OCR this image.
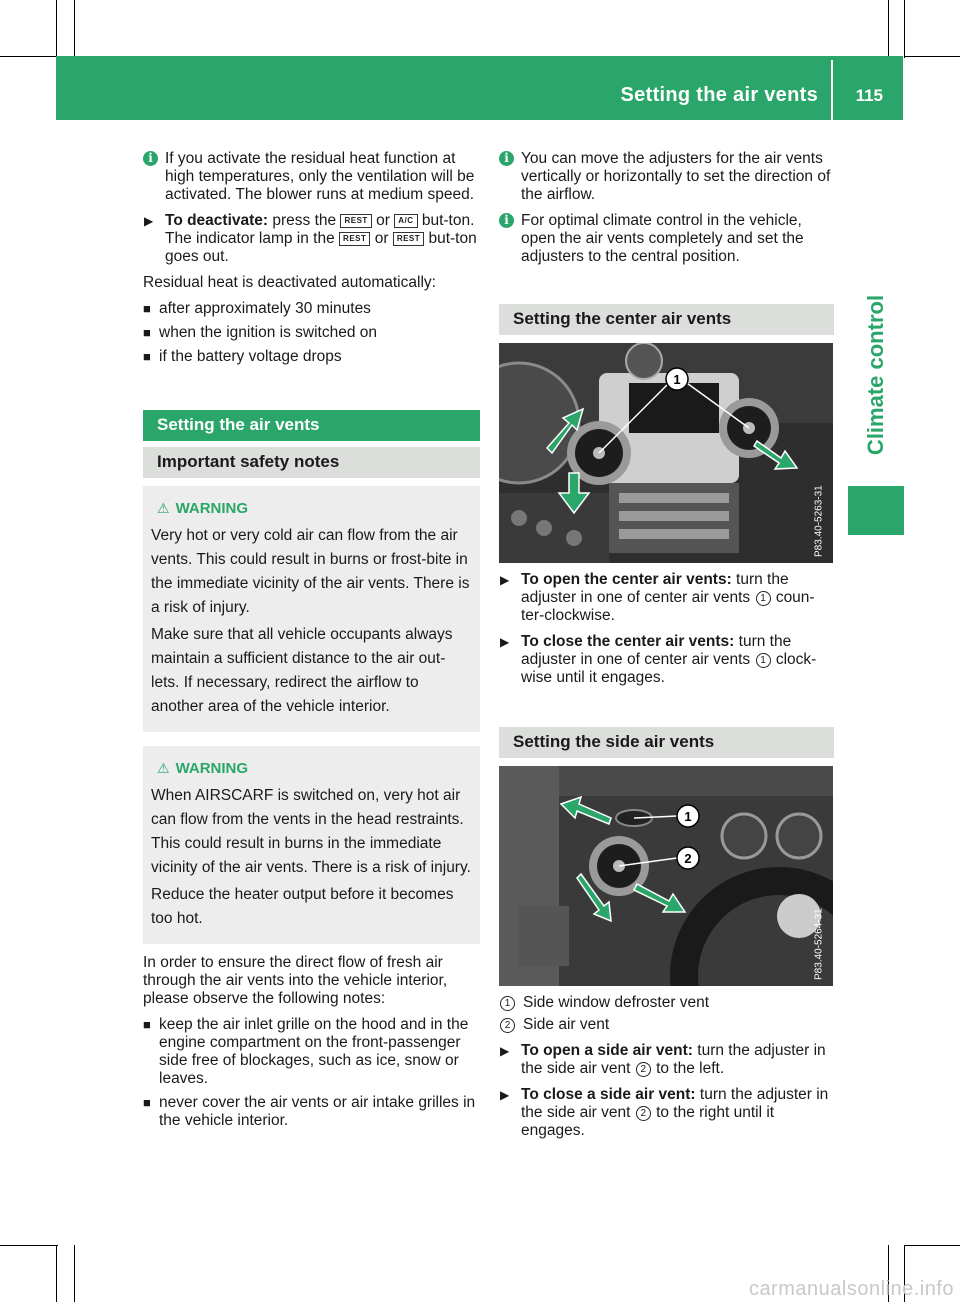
Setting the air vents 115
Climate control

i If you activate the residual heat function at high temperatures, only the ventilation will be activated. The blower runs at medium speed.

▶ To deactivate: press the REST or A/C but-ton.
The indicator lamp in the REST or REST but-ton goes out.

Residual heat is deactivated automatically:

■ after approximately 30 minutes
■ when the ignition is switched on
■ if the battery voltage drops
Setting the air vents
Important safety notes
⚠ WARNING

Very hot or very cold air can flow from the air vents. This could result in burns or frost-bite in the immediate vicinity of the air vents. There is a risk of injury.

Make sure that all vehicle occupants always maintain a sufficient distance to the air out-lets. If necessary, redirect the airflow to another area of the vehicle interior.

⚠ WARNING

When AIRSCARF is switched on, very hot air can flow from the vents in the head restraints. This could result in burns in the immediate vicinity of the air vents. There is a risk of injury.

Reduce the heater output before it becomes too hot.

In order to ensure the direct flow of fresh air through the air vents into the vehicle interior, please observe the following notes:

■ keep the air inlet grille on the hood and in the engine compartment on the front-passenger side free of blockages, such as ice, snow or leaves.
■ never cover the air vents or air intake grilles in the vehicle interior.

i You can move the adjusters for the air vents vertically or horizontally to set the direction of the airflow.

i For optimal climate control in the vehicle, open the air vents completely and set the adjusters to the central position.

Setting the center air vents
1
P83.40-5263-31

▶ To open the center air vents: turn the adjuster in one of center air vents 1 coun-ter-clockwise.

▶ To close the center air vents: turn the adjuster in one of center air vents 1 clock-wise until it engages.

Setting the side air vents
1
2
P83.40-5264-31
1 Side window defroster vent
2 Side air vent

▶ To open a side air vent: turn the adjuster in the side air vent 2 to the left.

▶ To close a side air vent: turn the adjuster in the side air vent 2 to the right until it engages.

carmanualsonline.info
